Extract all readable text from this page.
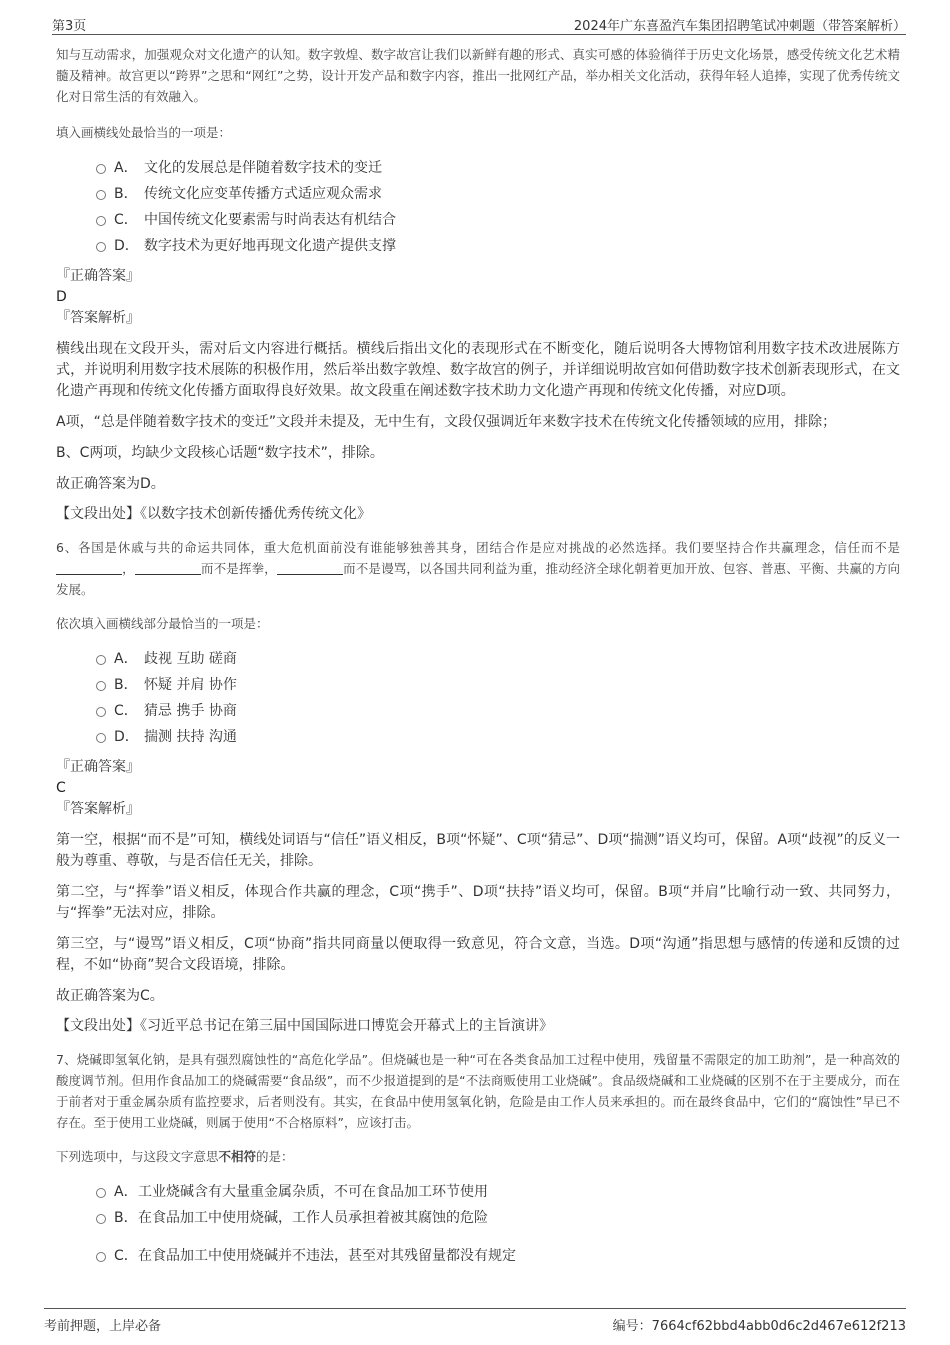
第3页	2024年广东喜盈汽车集团招聘笔试冲刺题（带答案解析）

知与互动需求，加强观众对文化遗产的认知。数字敦煌、数字故宫让我们以新鲜有趣的形式、真实可感的体验徜徉于历史文化场景，感受传统文化艺术精髓及精神。故宫更以“跨界”之思和“网红”之势，设计开发产品和数字内容，推出一批网红产品，举办相关文化活动，获得年轻人追捧，实现了优秀传统文化对日常生活的有效融入。

填入画横线处最恰当的一项是：

A． 文化的发展总是伴随着数字技术的变迁
B． 传统文化应变革传播方式适应观众需求
C． 中国传统文化要素需与时尚表达有机结合
D． 数字技术为更好地再现文化遗产提供支撑

『正确答案』

D

『答案解析』

横线出现在文段开头，需对后文内容进行概括。横线后指出文化的表现形式在不断变化，随后说明各大博物馆利用数字技术改进展陈方式，并说明利用数字技术展陈的积极作用，然后举出数字敦煌、数字故宫的例子，并详细说明故宫如何借助数字技术创新表现形式，在文化遗产再现和传统文化传播方面取得良好效果。故文段重在阐述数字技术助力文化遗产再现和传统文化传播，对应D项。

A项，“总是伴随着数字技术的变迁”文段并未提及，无中生有，文段仅强调近年来数字技术在传统文化传播领域的应用，排除；

B、C两项，均缺少文段核心话题“数字技术”，排除。

故正确答案为D。

【文段出处】《以数字技术创新传播优秀传统文化》

6、各国是休戚与共的命运共同体，重大危机面前没有谁能够独善其身，团结合作是应对挑战的必然选择。我们要坚持合作共赢理念，信任而不是，	而不是挥拳，	而不是谩骂，以各国共同利益为重，推动经济全球化朝着更加开放、包容、普惠、平衡、共赢的方向发展。

依次填入画横线部分最恰当的一项是：

A． 歧视 互助 磋商
B． 怀疑 并肩 协作
C． 猜忌 携手 协商
D． 揣测 扶持 沟通

『正确答案』

C

『答案解析』

第一空，根据“而不是”可知，横线处词语与“信任”语义相反，B项“怀疑”、C项“猜忌”、D项“揣测”语义均可，保留。A项“歧视”的反义一般为尊重、尊敬，与是否信任无关，排除。

第二空，与“挥拳”语义相反，体现合作共赢的理念，C项“携手”、D项“扶持”语义均可，保留。B项“并肩”比喻行动一致、共同努力，与“挥拳”无法对应，排除。

第三空，与“谩骂”语义相反，C项“协商”指共同商量以便取得一致意见，符合文意，当选。D项“沟通”指思想与感情的传递和反馈的过程，不如“协商”契合文段语境，排除。

故正确答案为C。

【文段出处】《习近平总书记在第三届中国国际进口博览会开幕式上的主旨演讲》

7、烧碱即氢氧化钠，是具有强烈腐蚀性的“高危化学品”。但烧碱也是一种“可在各类食品加工过程中使用，残留量不需限定的加工助剂”，是一种高效的酸度调节剂。但用作食品加工的烧碱需要“食品级”，而不少报道提到的是“不法商贩使用工业烧碱”。食品级烧碱和工业烧碱的区别不在于主要成分，而在于前者对于重金属杂质有监控要求，后者则没有。其实，在食品中使用氢氧化钠，危险是由工作人员来承担的。而在最终食品中，它们的“腐蚀性”早已不存在。至于使用工业烧碱，则属于使用“不合格原料”，应该打击。

下列选项中，与这段文字意思不相符的是：

A．工业烧碱含有大量重金属杂质，不可在食品加工环节使用
B．在食品加工中使用烧碱，工作人员承担着被其腐蚀的危险
C．在食品加工中使用烧碱并不违法，甚至对其残留量都没有规定
考前押题，上岸必备	编号：7664cf62bbd4abb0d6c2d467e612f213
